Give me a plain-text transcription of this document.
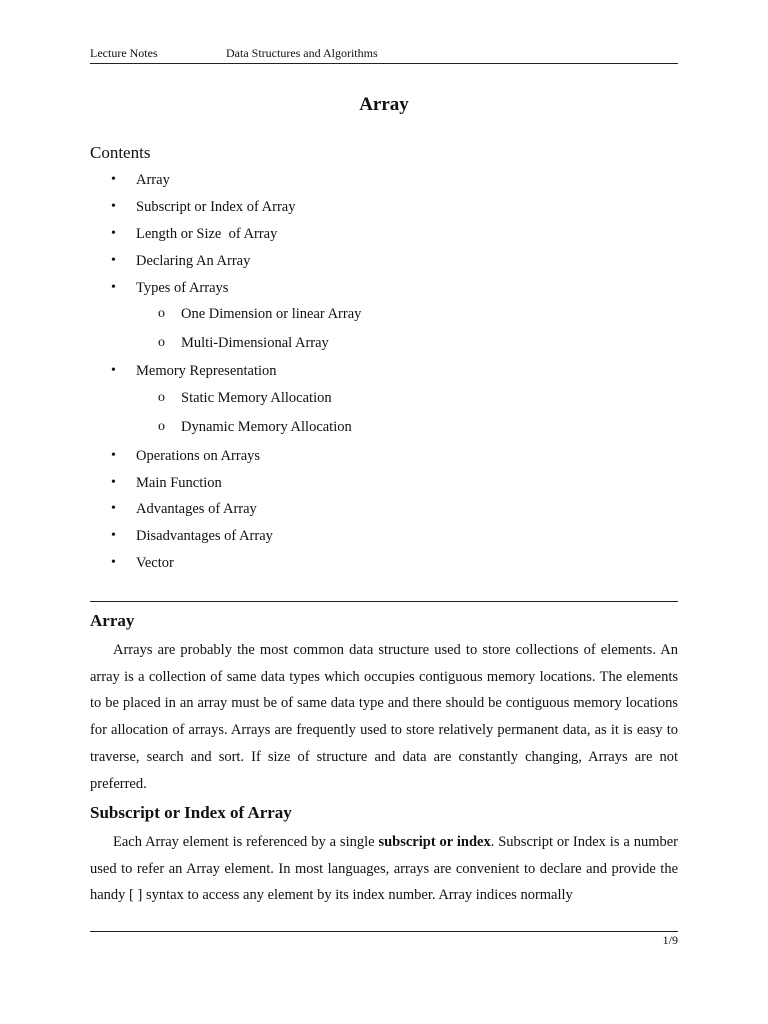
Lecture Notes	Data Structures and Algorithms
Array
Contents
• Array
• Subscript or Index of Array
• Length or Size  of Array
• Declaring An Array
• Types of Arrays
o One Dimension or linear Array
o Multi-Dimensional Array
• Memory Representation
o Static Memory Allocation
o Dynamic Memory Allocation
• Operations on Arrays
• Main Function
• Advantages of Array
• Disadvantages of Array
• Vector
Array

Arrays are probably the most common data structure used to store collections of elements. An array is a collection of same data types which occupies contiguous memory locations. The elements to be placed in an array must be of same data type and there should be contiguous memory locations for allocation of arrays. Arrays are frequently used to store relatively permanent data, as it is easy to traverse, search and sort. If size of structure and data are constantly changing, Arrays are not preferred.

Subscript or Index of Array

Each Array element is referenced by a single subscript or index. Subscript or Index is a number used to refer an Array element. In most languages, arrays are convenient to declare and provide the handy [ ] syntax to access any element by its index number. Array indices normally

1/9
